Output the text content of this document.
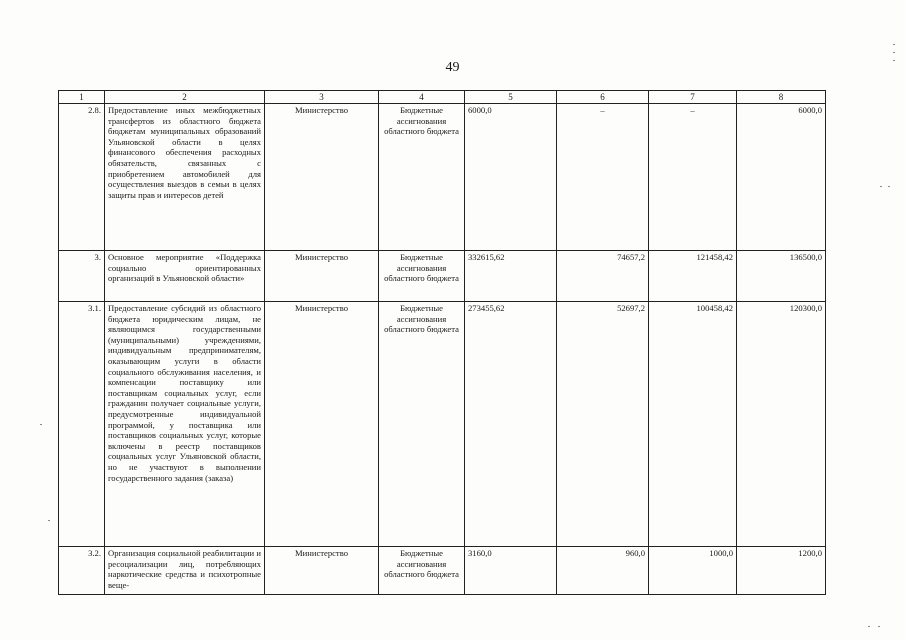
49
1	2	3	4	5	6	7	8
2.8.	Предоставление иных межбюджетных трансфертов из областного бюджета бюджетам муниципальных образований Ульяновской области в целях финансового обеспечения расходных обязательств, связанных с приобретением автомобилей для осуществления выездов в семьи в целях защиты прав и интересов детей	Министерство	Бюджетные ассигнования областного бюджета	6000,0	–	–	6000,0
3.	Основное мероприятие «Поддержка социально ориентированных организаций в Ульяновской области»	Министерство	Бюджетные ассигнования областного бюджета	332615,62	74657,2	121458,42	136500,0
3.1.	Предоставление субсидий из областного бюджета юридическим лицам, не являющимся государственными (муниципальными) учреждениями, индивидуальным предпринимателям, оказывающим услуги в области социального обслуживания населения, и компенсации поставщику или поставщикам социальных услуг, если гражданин получает социальные услуги, предусмотренные индивидуальной программой, у поставщика или поставщиков социальных услуг, которые включены в реестр поставщиков социальных услуг Ульяновской области, но не участвуют в выполнении государственного задания (заказа)	Министерство	Бюджетные ассигнования областного бюджета	273455,62	52697,2	100458,42	120300,0
3.2.	Организация социальной реабилитации и ресоциализации лиц, потребляющих наркотические средства и психотропные веще-	Министерство	Бюджетные ассигнования областного бюджета	3160,0	960,0	1000,0	1200,0
